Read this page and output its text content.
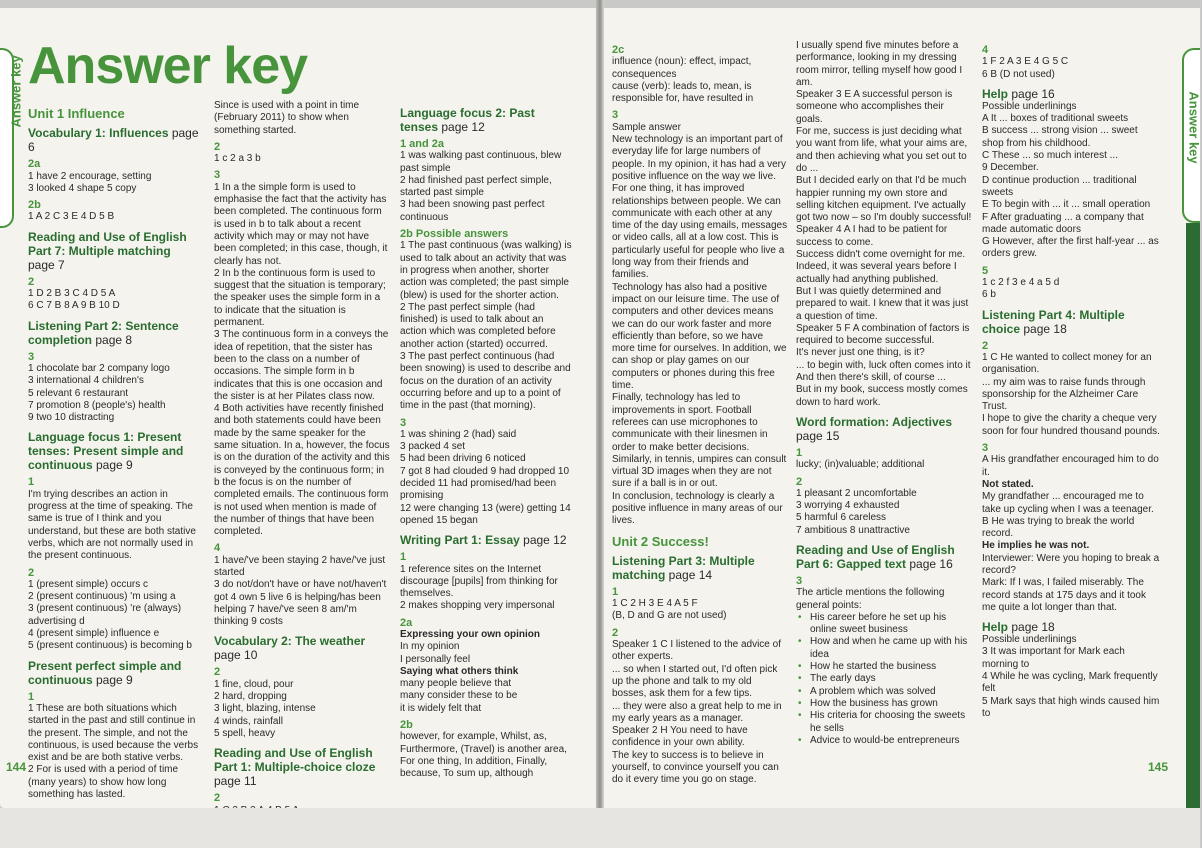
Answer key Answer key
Unit 1 Influence
Vocabulary 1: Influences page 6
2a

1 have 2 encourage, setting

3 looked 4 shape 5 copy

2b

1 A 2 C 3 E 4 D 5 B

Reading and Use of English Part 7: Multiple matching page 7
2

1 D 2 B 3 C 4 D 5 A

6 C 7 B 8 A 9 B 10 D

Listening Part 2: Sentence completion page 8
3

1 chocolate bar 2 company logo

3 international 4 children's

5 relevant 6 restaurant

7 promotion 8 (people's) health

9 two 10 distracting

Language focus 1: Present tenses: Present simple and continuous page 9
1

I'm trying describes an action in progress at the time of speaking. The same is true of I think and you understand, but these are both stative verbs, which are not normally used in the present continuous.

2

1 (present simple) occurs c

2 (present continuous) 'm using a

3 (present continuous) 're (always) advertising d

4 (present simple) influence e

5 (present continuous) is becoming b

Present perfect simple and continuous page 9
1

1 These are both situations which started in the past and still continue in the present. The simple, and not the continuous, is used because the verbs exist and be are both stative verbs.

2 For is used with a period of time (many years) to show how long something has lasted.

Since is used with a point in time (February 2011) to show when something started.

2

1 c 2 a 3 b

3

1 In a the simple form is used to emphasise the fact that the activity has been completed. The continuous form is used in b to talk about a recent activity which may or may not have been completed; in this case, though, it clearly has not.

2 In b the continuous form is used to suggest that the situation is temporary; the speaker uses the simple form in a to indicate that the situation is permanent.

3 The continuous form in a conveys the idea of repetition, that the sister has been to the class on a number of occasions. The simple form in b indicates that this is one occasion and the sister is at her Pilates class now.

4 Both activities have recently finished and both statements could have been made by the same speaker for the same situation. In a, however, the focus is on the duration of the activity and this is conveyed by the continuous form; in b the focus is on the number of completed emails. The continuous form is not used when mention is made of the number of things that have been completed.

4

1 have/'ve been staying 2 have/'ve just started

3 do not/don't have or have not/haven't got 4 own 5 live 6 is helping/has been helping 7 have/'ve seen 8 am/'m thinking 9 costs

Vocabulary 2: The weather page 10
2

1 fine, cloud, pour

2 hard, dropping

3 light, blazing, intense

4 winds, rainfall

5 spell, heavy

Reading and Use of English Part 1: Multiple-choice cloze page 11
2

Language focus 2: Past tenses page 12
1 and 2a

1 was walking past continuous, blew past simple

2 had finished past perfect simple, started past simple

3 had been snowing past perfect continuous

2b Possible answers

1 The past continuous (was walking) is used to talk about an activity that was in progress when another, shorter action was completed; the past simple (blew) is used for the shorter action.

2 The past perfect simple (had finished) is used to talk about an action which was completed before another action (started) occurred.

3 The past perfect continuous (had been snowing) is used to describe and focus on the duration of an activity occurring before and up to a point of time in the past (that morning).

3

1 was shining 2 (had) said

3 packed 4 set

5 had been driving 6 noticed

7 got 8 had clouded 9 had dropped 10 decided 11 had promised/had been promising

12 were changing 13 (were) getting 14 opened 15 began

Writing Part 1: Essay page 12
1

1 reference sites on the Internet discourage [pupils] from thinking for themselves.

2 makes shopping very impersonal

2a

Expressing your own opinion

In my opinion

I personally feel

Saying what others think

many people believe that

many consider these to be

it is widely felt that

2b

however, for example, Whilst, as, Furthermore, (Travel) is another area, For one thing, In addition, Finally, because, To sum up, although

144
Answer key
2c

influence (noun): effect, impact, consequences

cause (verb): leads to, mean, is responsible for, have resulted in

3

Sample answer

New technology is an important part of everyday life for large numbers of people. In my opinion, it has had a very positive influence on the way we live.

For one thing, it has improved relationships between people. We can communicate with each other at any time of the day using emails, messages or video calls, all at a low cost. This is particularly useful for people who live a long way from their friends and families.

Technology has also had a positive impact on our leisure time. The use of computers and other devices means we can do our work faster and more efficiently than before, so we have more time for ourselves. In addition, we can shop or play games on our computers or phones during this free time.

Finally, technology has led to improvements in sport. Football referees can use microphones to communicate with their linesmen in order to make better decisions. Similarly, in tennis, umpires can consult virtual 3D images when they are not sure if a ball is in or out.

In conclusion, technology is clearly a positive influence in many areas of our lives.

Unit 2 Success!
Listening Part 3: Multiple matching page 14
1

1 C 2 H 3 E 4 A 5 F

(B, D and G are not used)

2

Speaker 1 C I listened to the advice of other experts.

... so when I started out, I'd often pick up the phone and talk to my old bosses, ask them for a few tips.

... they were also a great help to me in my early years as a manager.

Speaker 2 H You need to have confidence in your own ability.

The key to success is to believe in yourself, to convince yourself you can do it every time you go on stage.

I usually spend five minutes before a performance, looking in my dressing room mirror, telling myself how good I am.

Speaker 3 E A successful person is someone who accomplishes their goals.

For me, success is just deciding what you want from life, what your aims are, and then achieving what you set out to do ...

But I decided early on that I'd be much happier running my own store and selling kitchen equipment. I've actually got two now – so I'm doubly successful!

Speaker 4 A I had to be patient for success to come.

Success didn't come overnight for me. Indeed, it was several years before I actually had anything published.

But I was quietly determined and prepared to wait. I knew that it was just a question of time.

Speaker 5 F A combination of factors is required to become successful.

It's never just one thing, is it?

... to begin with, luck often comes into it

And then there's skill, of course ...

But in my book, success mostly comes down to hard work.

Word formation: Adjectives page 15
1

lucky; (in)valuable; additional

2

1 pleasant 2 uncomfortable

3 worrying 4 exhausted

5 harmful 6 careless

7 ambitious 8 unattractive

Reading and Use of English Part 6: Gapped text page 16
3

The article mentions the following general points:

• His career before he set up his online sweet business
• How and when he came up with his idea
• How he started the business
• The early days
• A problem which was solved
• How the business has grown
• His criteria for choosing the sweets he sells
• Advice to would-be entrepreneurs
4

1 F 2 A 3 E 4 G 5 C

6 B (D not used)

Help page 16

Possible underlinings

A It ... boxes of traditional sweets

B success ... strong vision ... sweet shop from his childhood.

C These ... so much interest ...

9 December.

D continue production ... traditional sweets

E To begin with ... it ... small operation

F After graduating ... a company that made automatic doors

G However, after the first half-year ... as orders grew.

5

1 c 2 f 3 e 4 a 5 d

6 b

Listening Part 4: Multiple choice page 18
2

1 C He wanted to collect money for an organisation.

... my aim was to raise funds through sponsorship for the Alzheimer Care Trust.

I hope to give the charity a cheque very soon for four hundred thousand pounds.

3

A His grandfather encouraged him to do it.

Not stated.

My grandfather ... encouraged me to take up cycling when I was a teenager.

B He was trying to break the world record.

He implies he was not.

Interviewer: Were you hoping to break a record?

Mark: If I was, I failed miserably. The record stands at 175 days and it took me quite a lot longer than that.

Help page 18

Possible underlinings

3 It was important for Mark each morning to

4 While he was cycling, Mark frequently felt

5 Mark says that high winds caused him to

145
